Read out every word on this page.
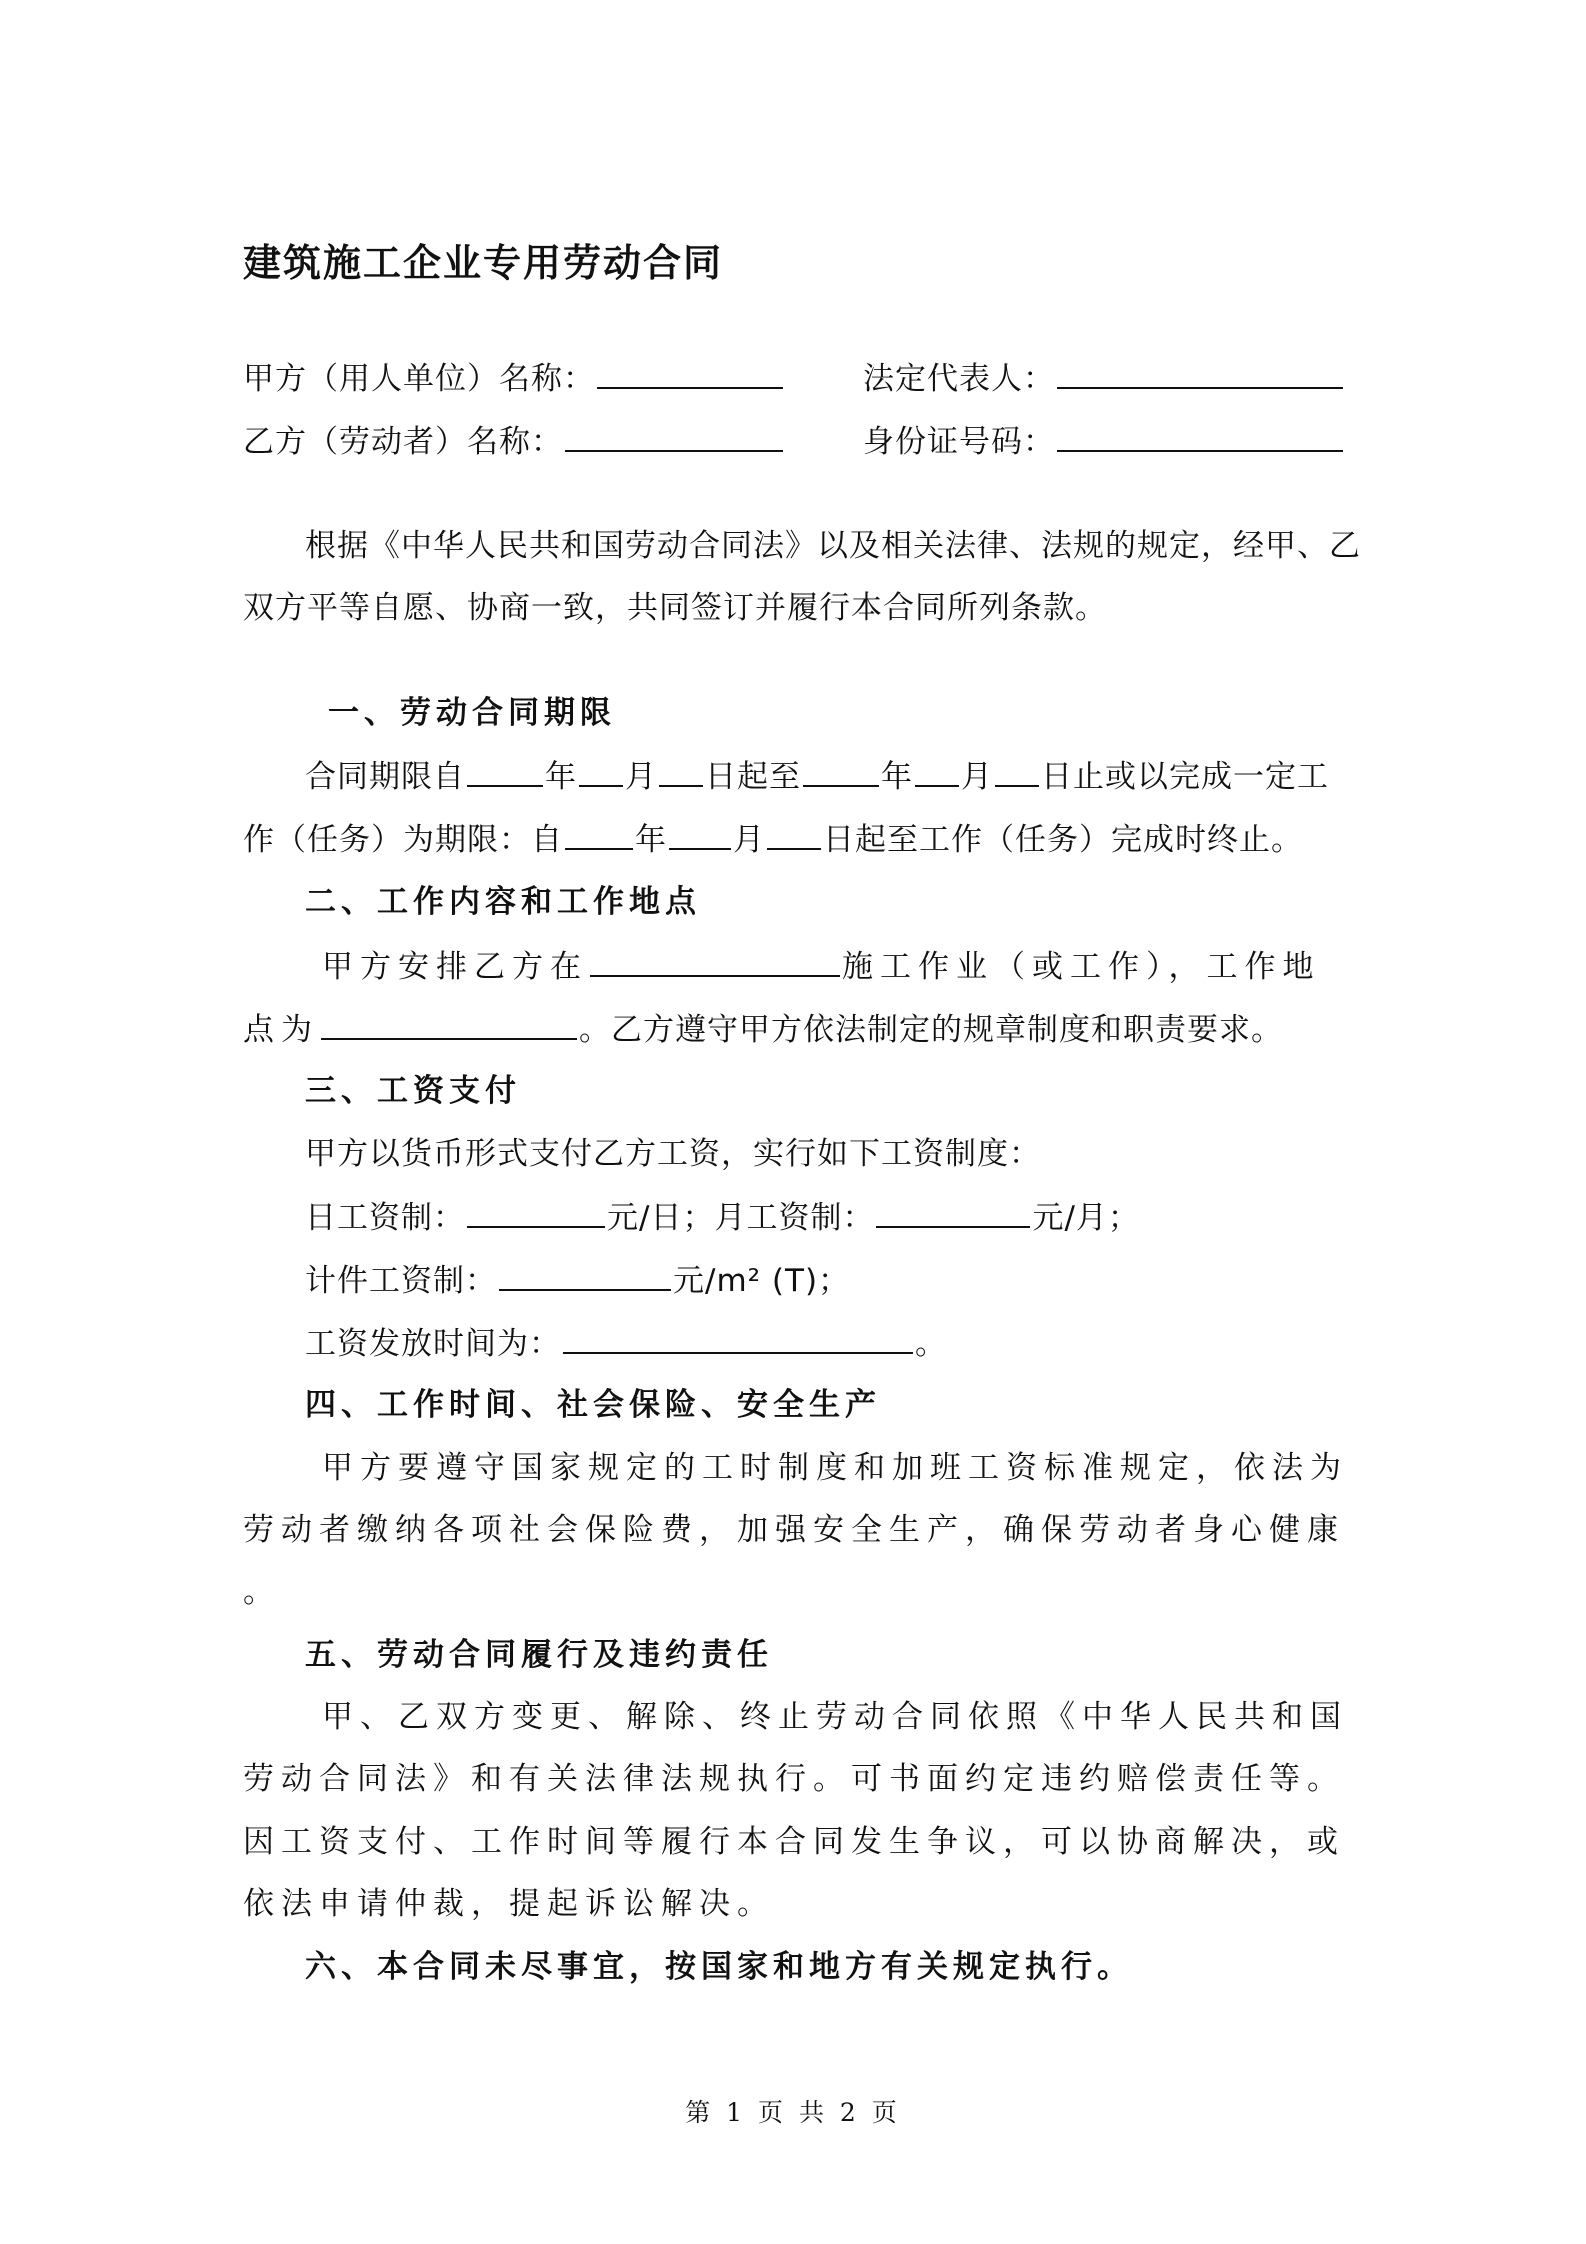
建筑施工企业专用劳动合同
甲方（用人单位）名称：	法定代表人：
乙方（劳动者）名称：	身份证号码：
根据《中华人民共和国劳动合同法》以及相关法律、法规的规定，经甲、乙
双方平等自愿、协商一致，共同签订并履行本合同所列条款。
一、劳动合同期限
合同期限自	年 月 日起至	年 月 日止或以完成一定工
作（任务）为期限：自 年 月 日起至工作（任务）完成时终止。
二、工作内容和工作地点
甲方安排乙方在	施工作业（或工作），工作地
点为	。乙方遵守甲方依法制定的规章制度和职责要求。
三、工资支付
甲方以货币形式支付乙方工资，实行如下工资制度：
日工资制：	元/日；月工资制：	元/月；
计件工资制：	元/m² (T)；
工资发放时间为：	。
四、工作时间、社会保险、安全生产
甲方要遵守国家规定的工时制度和加班工资标准规定，依法为
劳动者缴纳各项社会保险费，加强安全生产，确保劳动者身心健康
。
五、劳动合同履行及违约责任
甲、乙双方变更、解除、终止劳动合同依照《中华人民共和国
劳动合同法》和有关法律法规执行。可书面约定违约赔偿责任等。
因工资支付、工作时间等履行本合同发生争议，可以协商解决，或
依法申请仲裁，提起诉讼解决。
六、本合同未尽事宜，按国家和地方有关规定执行。
第 1 页 共 2 页
